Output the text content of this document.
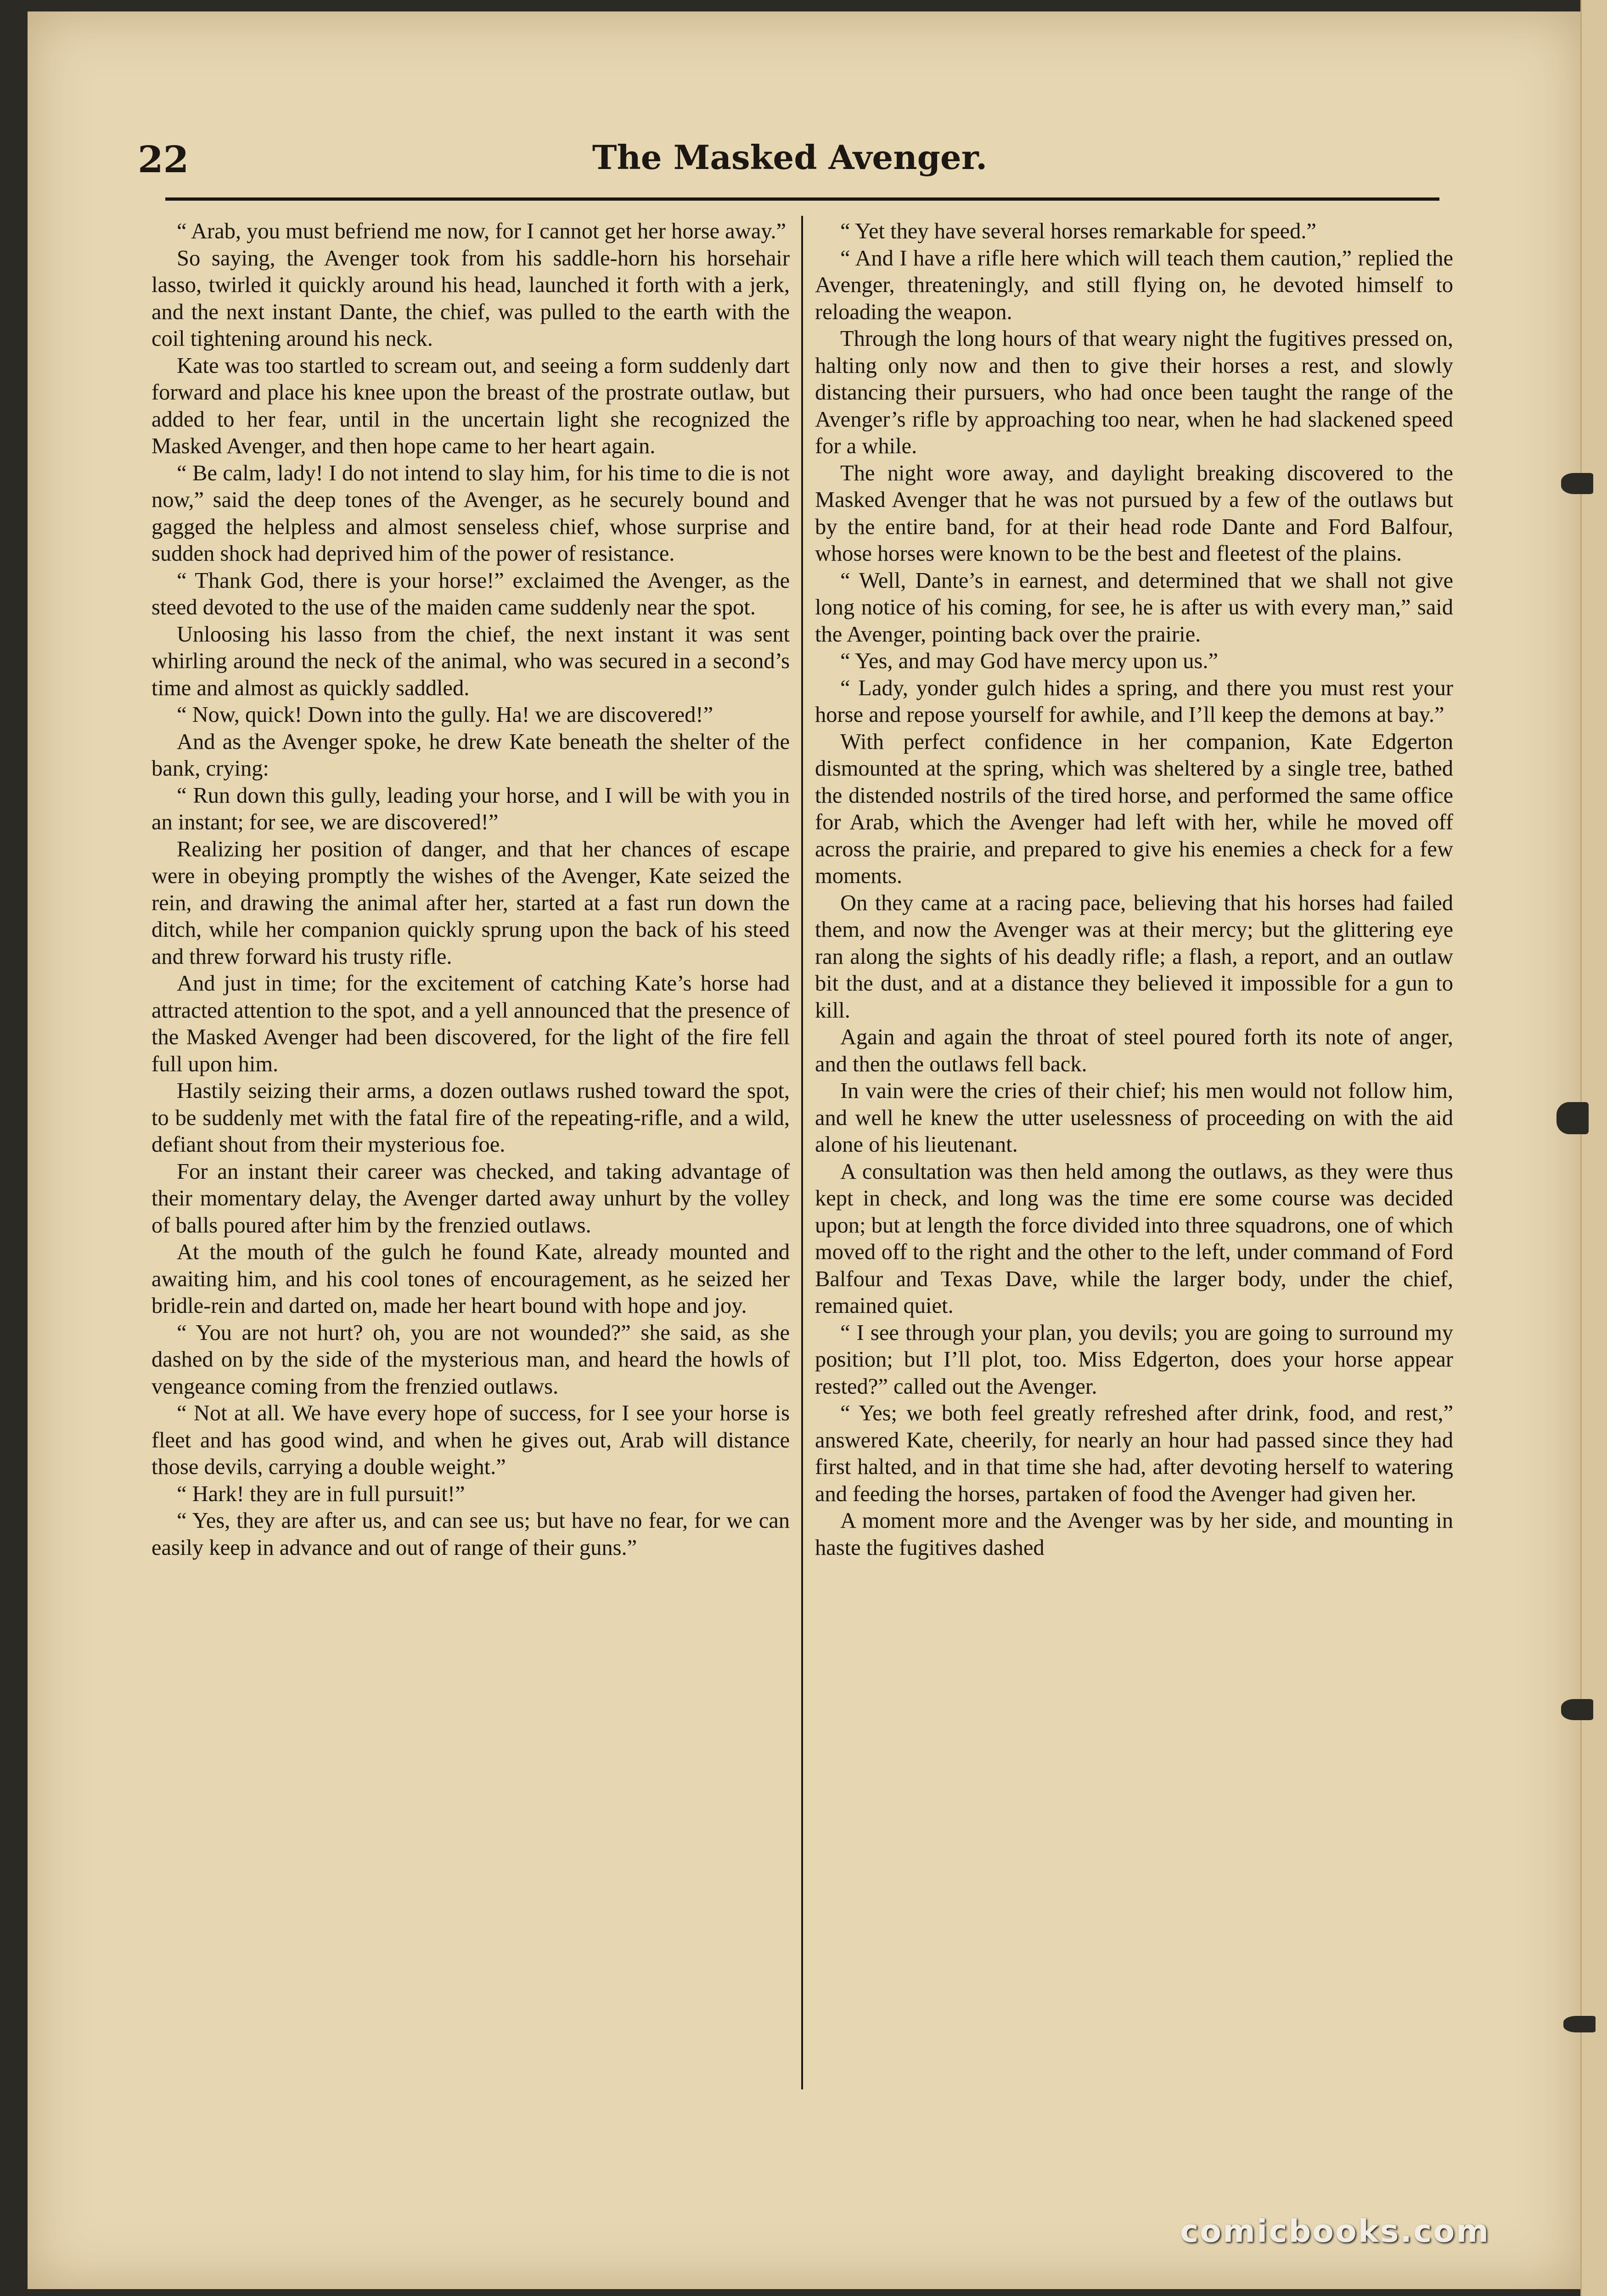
22	The Masked Avenger.

“ Arab, you must befriend me now, for I cannot get her horse away.”

So saying, the Avenger took from his saddle-horn his horsehair lasso, twirled it quickly around his head, launched it forth with a jerk, and the next instant Dante, the chief, was pulled to the earth with the coil tightening around his neck.

Kate was too startled to scream out, and seeing a form suddenly dart forward and place his knee upon the breast of the prostrate outlaw, but added to her fear, until in the uncertain light she recognized the Masked Avenger, and then hope came to her heart again.

“ Be calm, lady! I do not intend to slay him, for his time to die is not now,” said the deep tones of the Avenger, as he securely bound and gagged the helpless and almost senseless chief, whose surprise and sudden shock had deprived him of the power of resistance.

“ Thank God, there is your horse!” exclaimed the Avenger, as the steed devoted to the use of the maiden came suddenly near the spot.

Unloosing his lasso from the chief, the next instant it was sent whirling around the neck of the animal, who was secured in a second’s time and almost as quickly saddled.

“ Now, quick! Down into the gully. Ha! we are discovered!”

And as the Avenger spoke, he drew Kate beneath the shelter of the bank, crying:

“ Run down this gully, leading your horse, and I will be with you in an instant; for see, we are discovered!”

Realizing her position of danger, and that her chances of escape were in obeying promptly the wishes of the Avenger, Kate seized the rein, and drawing the animal after her, started at a fast run down the ditch, while her companion quickly sprung upon the back of his steed and threw forward his trusty rifle.

And just in time; for the excitement of catching Kate’s horse had attracted attention to the spot, and a yell announced that the presence of the Masked Avenger had been discovered, for the light of the fire fell full upon him.

Hastily seizing their arms, a dozen outlaws rushed toward the spot, to be suddenly met with the fatal fire of the repeating-rifle, and a wild, defiant shout from their mysterious foe.

For an instant their career was checked, and taking advantage of their momentary delay, the Avenger darted away unhurt by the volley of balls poured after him by the frenzied outlaws.

At the mouth of the gulch he found Kate, already mounted and awaiting him, and his cool tones of encouragement, as he seized her bridle-rein and darted on, made her heart bound with hope and joy.

“ You are not hurt? oh, you are not wounded?” she said, as she dashed on by the side of the mysterious man, and heard the howls of vengeance coming from the frenzied outlaws.

“ Not at all. We have every hope of success, for I see your horse is fleet and has good wind, and when he gives out, Arab will distance those devils, carrying a double weight.”

“ Hark! they are in full pursuit!”

“ Yes, they are after us, and can see us; but have no fear, for we can easily keep in advance and out of range of their guns.”

“ Yet they have several horses remarkable for speed.”

“ And I have a rifle here which will teach them caution,” replied the Avenger, threateningly, and still flying on, he devoted himself to reloading the weapon.

Through the long hours of that weary night the fugitives pressed on, halting only now and then to give their horses a rest, and slowly distancing their pursuers, who had once been taught the range of the Avenger’s rifle by approaching too near, when he had slackened speed for a while.

The night wore away, and daylight breaking discovered to the Masked Avenger that he was not pursued by a few of the outlaws but by the entire band, for at their head rode Dante and Ford Balfour, whose horses were known to be the best and fleetest of the plains.

“ Well, Dante’s in earnest, and determined that we shall not give long notice of his coming, for see, he is after us with every man,” said the Avenger, pointing back over the prairie.

“ Yes, and may God have mercy upon us.”

“ Lady, yonder gulch hides a spring, and there you must rest your horse and repose yourself for awhile, and I’ll keep the demons at bay.”

With perfect confidence in her companion, Kate Edgerton dismounted at the spring, which was sheltered by a single tree, bathed the distended nostrils of the tired horse, and performed the same office for Arab, which the Avenger had left with her, while he moved off across the prairie, and prepared to give his enemies a check for a few moments.

On they came at a racing pace, believing that his horses had failed them, and now the Avenger was at their mercy; but the glittering eye ran along the sights of his deadly rifle; a flash, a report, and an outlaw bit the dust, and at a distance they believed it impossible for a gun to kill.

Again and again the throat of steel poured forth its note of anger, and then the outlaws fell back.

In vain were the cries of their chief; his men would not follow him, and well he knew the utter uselessness of proceeding on with the aid alone of his lieutenant.

A consultation was then held among the outlaws, as they were thus kept in check, and long was the time ere some course was decided upon; but at length the force divided into three squadrons, one of which moved off to the right and the other to the left, under command of Ford Balfour and Texas Dave, while the larger body, under the chief, remained quiet.

“ I see through your plan, you devils; you are going to surround my position; but I’ll plot, too. Miss Edgerton, does your horse appear rested?” called out the Avenger.

“ Yes; we both feel greatly refreshed after drink, food, and rest,” answered Kate, cheerily, for nearly an hour had passed since they had first halted, and in that time she had, after devoting herself to watering and feeding the horses, partaken of food the Avenger had given her.

A moment more and the Avenger was by her side, and mounting in haste the fugitives dashed

comicbooks.com
